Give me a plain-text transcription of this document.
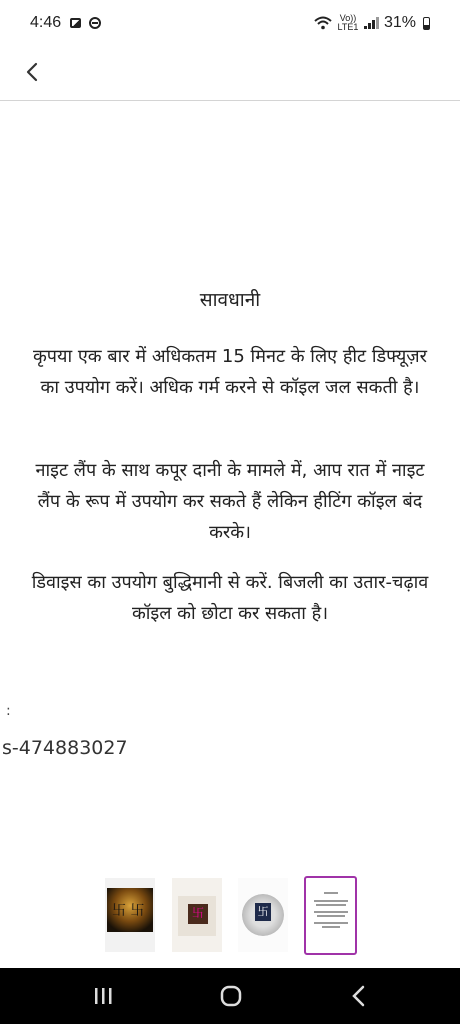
4:46	Vo))
LTE1 31%
सावधानी
कृपया एक बार में अधिकतम 15 मिनट के लिए हीट डिफ्यूज़र का उपयोग करें। अधिक गर्म करने से कॉइल जल सकती है।
नाइट लैंप के साथ कपूर दानी के मामले में, आप रात में नाइट लैंप के रूप में उपयोग कर सकते हैं लेकिन हीटिंग कॉइल बंद करके।
डिवाइस का उपयोग बुद्धिमानी से करें. बिजली का उतार-चढ़ाव कॉइल को छोटा कर सकता है।
:
s-474883027
卐 卐
卐
卐
